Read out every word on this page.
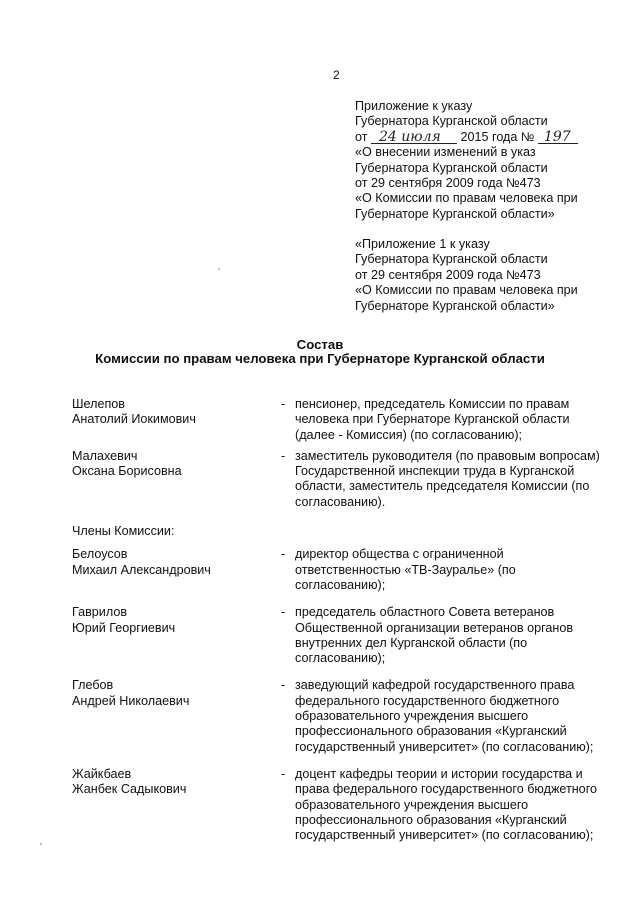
2
Приложение к указу
Губернатора Курганской области
от 24 июля 2015 года № 197
«О внесении изменений в указ
Губернатора Курганской области
от 29 сентября 2009 года №473
«О Комиссии по правам человека при
Губернаторе Курганской области»
«Приложение 1 к указу
Губернатора Курганской области
от 29 сентября 2009 года №473
«О Комиссии по правам человека при
Губернаторе Курганской области»
Состав
Комиссии по правам человека при Губернаторе Курганской области
Шелепов
Анатолий Иокимович
- пенсионер, председатель Комиссии по правам человека при Губернаторе Курганской области (далее - Комиссия) (по согласованию);
Малахевич
Оксана Борисовна
- заместитель руководителя (по правовым вопросам) Государственной инспекции труда в Курганской области, заместитель председателя Комиссии (по согласованию).
Члены Комиссии:
Белоусов
Михаил Александрович
- директор общества с ограниченной ответственностью «ТВ-Зауралье» (по согласованию);
Гаврилов
Юрий Георгиевич
- председатель областного Совета ветеранов Общественной организации ветеранов органов внутренних дел Курганской области (по согласованию);
Глебов
Андрей Николаевич
- заведующий кафедрой государственного права федерального государственного бюджетного образовательного учреждения высшего профессионального образования «Курганский государственный университет» (по согласованию);
Жайкбаев
Жанбек Садыкович
- доцент кафедры теории и истории государства и права федерального государственного бюджетного образовательного учреждения высшего профессионального образования «Курганский государственный университет» (по согласованию);
